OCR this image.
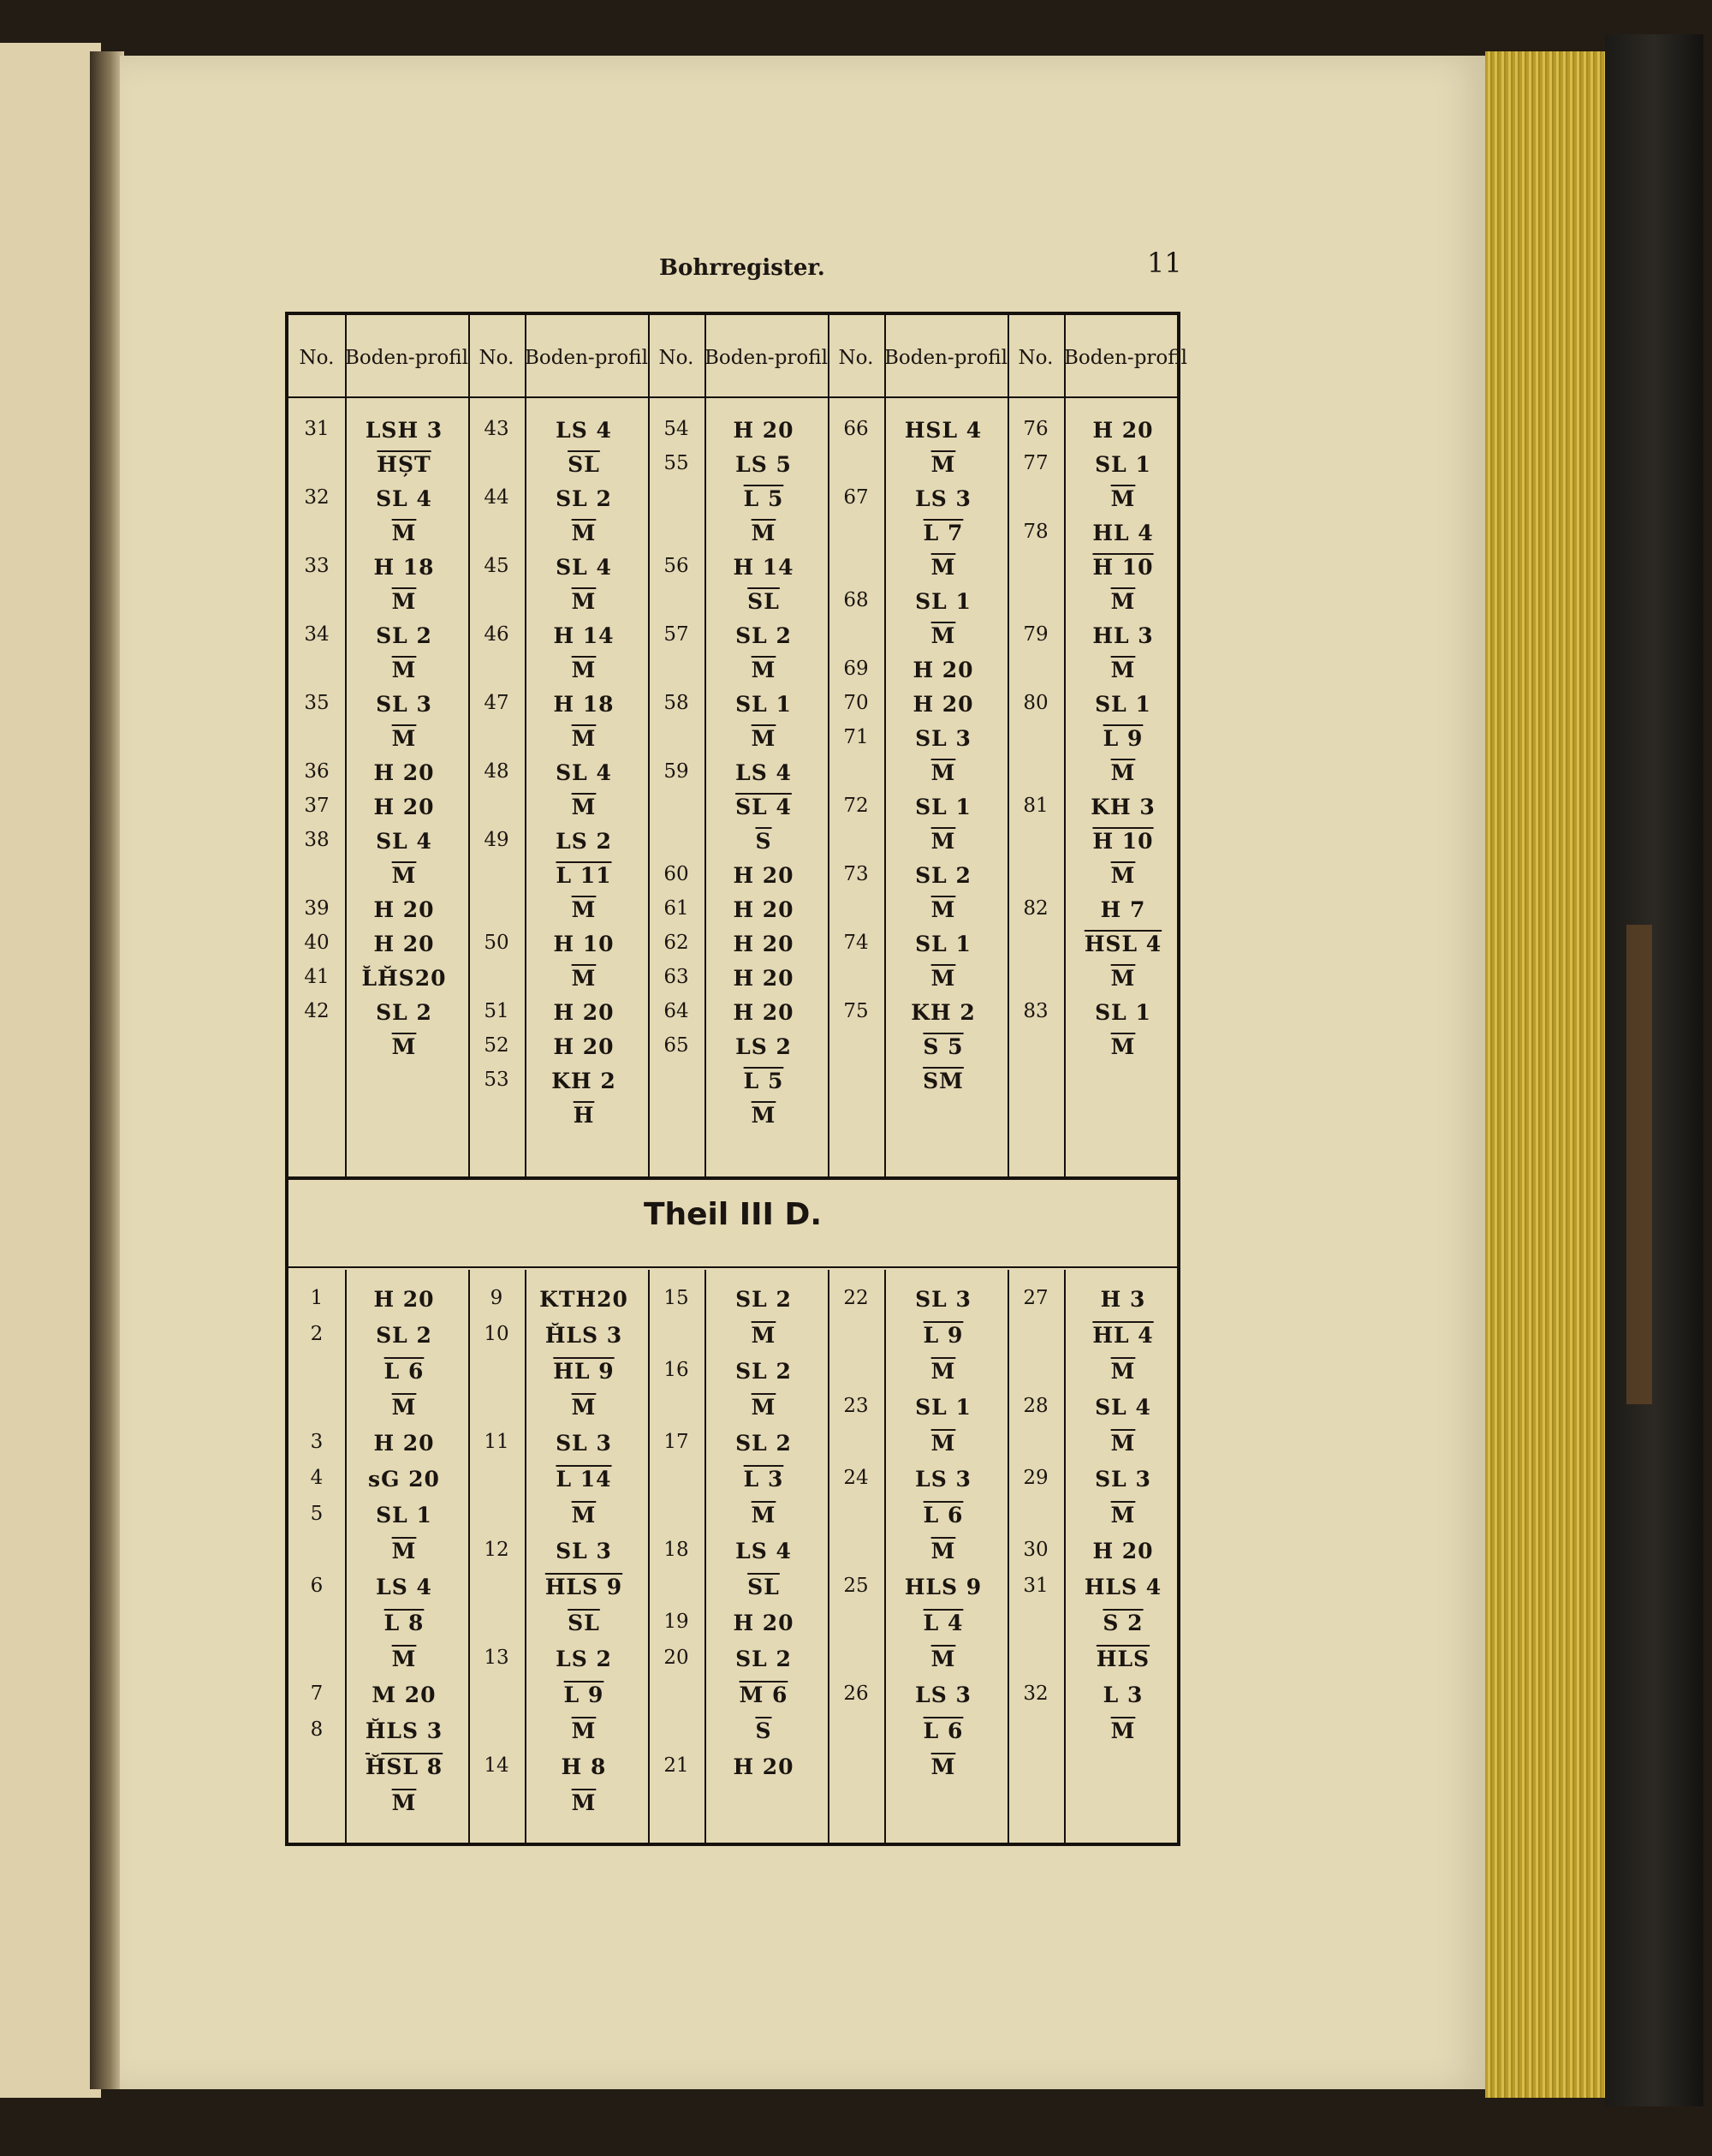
Bohrregister.	11
Theil III D.
No. Boden-profil No. Boden-profil No. Boden-profil No. Boden-profil No. Boden-profil
31	LSH 3
$\overline{HȘT}$
32	SL 4
$\overline{M}$
33	H 18
$\overline{M}$
34	SL 2
$\overline{M}$
35	SL 3
$\overline{M}$
36	H 20
37	H 20
38	SL 4
$\overline{M}$
39	H 20
40	H 20
41	L̆H̆S20
42	SL 2
$\overline{M}$
43	LS 4
$\overline{SL}$
44	SL 2
$\overline{M}$
45	SL 4
$\overline{M}$
46	H 14
$\overline{M}$
47	H 18
$\overline{M}$
48	SL 4
$\overline{M}$
49	LS 2
L 11
$\overline{M}$
50	H 10
$\overline{M}$
51	H 20
52	H 20
53	KH 2
$\overline{H}$
54	H 20
55	LS 5
L 5
$\overline{M}$
56	H 14
$\overline{SL}$
57	SL 2
$\overline{M}$
58	SL 1
$\overline{M}$
59	LS 4
SL 4
$\overline{S}$
60	H 20
61	H 20
62	H 20
63	H 20
64	H 20
65	LS 2
L 5
$\overline{M}$
66	HSL 4
$\overline{M}$
67	LS 3
L 7
$\overline{M}$
68	SL 1
$\overline{M}$
69	H 20
70	H 20
71	SL 3
$\overline{M}$
72	SL 1
$\overline{M}$
73	SL 2
$\overline{M}$
74	SL 1
$\overline{M}$
75	KH 2
S 5
$\overline{SM}$
76	H 20
77	SL 1
$\overline{M}$
78	HL 4
H 10
$\overline{M}$
79	HL 3
$\overline{M}$
80	SL 1
L 9
$\overline{M}$
81	KH 3
H 10
$\overline{M}$
82	H 7
HSL 4
$\overline{M}$
83	SL 1
$\overline{M}$
1	H 20
2	SL 2
L 6
$\overline{M}$
3	H 20
4	sG 20
5	SL 1
$\overline{M}$
6	LS 4
L 8
$\overline{M}$
7	M 20
8	H̆LS 3
H̆SL 8
$\overline{M}$
9	KTH20
10	H̆LS 3
HL 9
$\overline{M}$
11	SL 3
L 14
$\overline{M}$
12	SL 3
HLS 9
$\overline{SL}$
13	LS 2
L 9
$\overline{M}$
14	H 8
$\overline{M}$
15	SL 2
$\overline{M}$
16	SL 2
$\overline{M}$
17	SL 2
L 3
$\overline{M}$
18	LS 4
$\overline{SL}$
19	H 20
20	SL 2
M 6
$\overline{S}$
21	H 20
22	SL 3
L 9
$\overline{M}$
23	SL 1
$\overline{M}$
24	LS 3
L 6
$\overline{M}$
25	HLS 9
L 4
$\overline{M}$
26	LS 3
L 6
$\overline{M}$
27	H 3
HL 4
$\overline{M}$
28	SL 4
$\overline{M}$
29	SL 3
$\overline{M}$
30	H 20
31	HLS 4
S 2
$\overline{HLS}$
32	L 3
$\overline{M}$
